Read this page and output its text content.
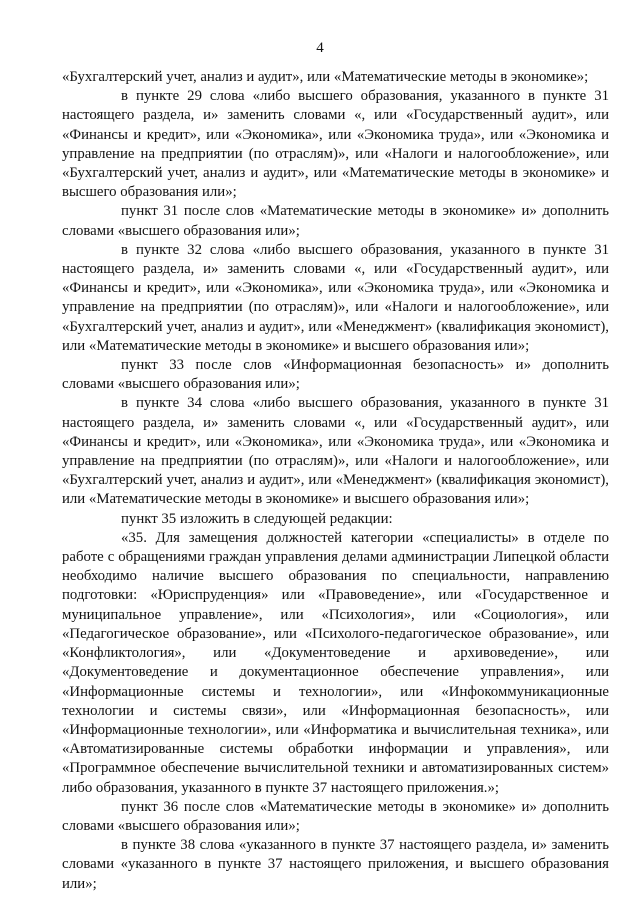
4

«Бухгалтерский учет, анализ и аудит», или «Математические методы в экономике»;

в пункте 29 слова «либо высшего образования, указанного в пункте 31 настоящего раздела, и» заменить словами «, или «Государственный аудит», или «Финансы и кредит», или «Экономика», или «Экономика труда», или «Экономика и управление на предприятии (по отраслям)», или «Налоги и налогообложение», или «Бухгалтерский учет, анализ и аудит», или «Математические методы в экономике» и высшего образования или»;

пункт 31 после слов «Математические методы в экономике» и» дополнить словами «высшего образования или»;

в пункте 32 слова «либо высшего образования, указанного в пункте 31 настоящего раздела, и» заменить словами «, или «Государственный аудит», или «Финансы и кредит», или «Экономика», или «Экономика труда», или «Экономика и управление на предприятии (по отраслям)», или «Налоги и налогообложение», или «Бухгалтерский учет, анализ и аудит», или «Менеджмент» (квалификация экономист), или «Математические методы в экономике» и высшего образования или»;

пункт 33 после слов «Информационная безопасность» и» дополнить словами «высшего образования или»;

в пункте 34 слова «либо высшего образования, указанного в пункте 31 настоящего раздела, и» заменить словами «, или «Государственный аудит», или «Финансы и кредит», или «Экономика», или «Экономика труда», или «Экономика и управление на предприятии (по отраслям)», или «Налоги и налогообложение», или «Бухгалтерский учет, анализ и аудит», или «Менеджмент» (квалификация экономист), или «Математические методы в экономике» и высшего образования или»;

пункт 35 изложить в следующей редакции:

«35. Для замещения должностей категории «специалисты» в отделе по работе с обращениями граждан управления делами администрации Липецкой области необходимо наличие высшего образования по специальности, направлению подготовки: «Юриспруденция» или «Правоведение», или «Государственное и муниципальное управление», или «Психология», или «Социология», или «Педагогическое образование», или «Психолого-педагогическое образование», или «Конфликтология», или «Документоведение и архивоведение», или «Документоведение и документационное обеспечение управления», или «Информационные системы и технологии», или «Инфокоммуникационные технологии и системы связи», или «Информационная безопасность», или «Информационные технологии», или «Информатика и вычислительная техника», или «Автоматизированные системы обработки информации и управления», или «Программное обеспечение вычислительной техники и автоматизированных систем» либо образования, указанного в пункте 37 настоящего приложения.»;

пункт 36 после слов «Математические методы в экономике» и» дополнить словами «высшего образования или»;

в пункте 38 слова «указанного в пункте 37 настоящего раздела, и» заменить словами «указанного в пункте 37 настоящего приложения, и высшего образования или»;
